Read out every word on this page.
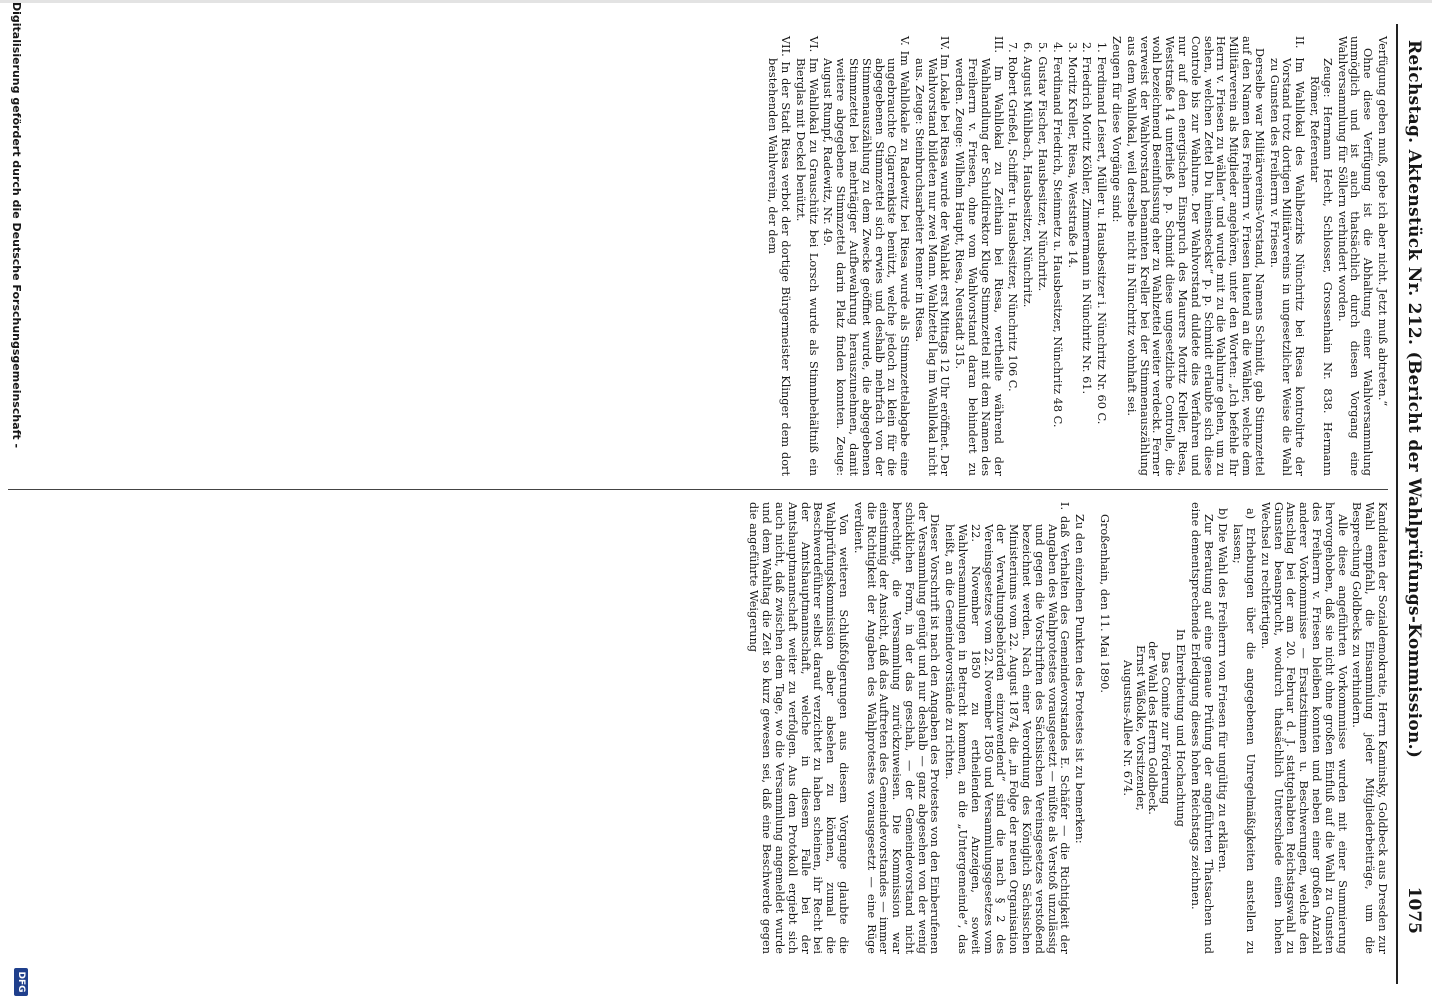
Reichstag. Aktenstück Nr. 212. (Bericht der Wahlprüfungs-Kommission.)
1075
Verfügung geben muß, gebe ich aber nicht. Jetzt muß abtreten.“
Ohne diese Verfügung ist die Abhaltung einer Wahlversammlung unmöglich und ist auch thatsächlich durch diesen Vorgang eine Wahlversammlung für Söllern verhindert worden.
Zeuge: Hermann Hecht, Schlosser, Grossenhain Nr. 838. Hermann Römer, Referentar
II. Im Wahllokal des Wahlbezirks Nünchritz bei Riesa kontrolirte der Vorstand trotz dortigen Militärvereins in ungesetzlicher Weise die Wahl zu Gunsten des Freiherrn v. Friesen.
Derselbe war Militärvereins-Vorstand, Namens Schmidt, gab Stimmzettel auf den Namen des Freiherrn v. Friesen lautend an die Wähler, welche dem Militärverein als Mitglieder angehören, unter den Worten: „Ich befehle Ihr Herrn v. Friesen zu wählen“ und wurde mit zu die Wahlurne gehen, um zu sehen, welchen Zettel Du hineinsteckst“ p. p. Schmidt erlaubte sich diese Controle bis zur Wahlurne. Der Wahlvorstand duldete dies Verfahren und nur auf den energischen Einspruch des Maurers Moritz Kreller, Riesa, Weststraße 14 unterließ p. p. Schmidt diese ungesetzliche Controlle, die wohl bezeichnend Beeinflussung eher zu Wahlzettel weiter verdeckt. Ferner verweist der Wahlvorstand benannten Kreller bei der Stimmenauszählung aus dem Wahllokal, weil derselbe nicht in Nünchritz wohnhaft sei.
Zeugen für diese Vorgänge sind:
1. Ferdinand Leisert, Müller u. Hausbesitzer i. Nünchritz Nr. 60 C.
2. Friedrich Moritz Köhler, Zimmermann in Nünchritz Nr. 61.
3. Moritz Kreller, Riesa, Weststraße 14.
4. Ferdinand Friedrich, Steinmetz u. Hausbesitzer, Nünchritz 48 C.
5. Gustav Fischer, Hausbesitzer, Nünchritz.
6. August Mühlbach, Hausbesitzer, Nünchritz.
7. Robert Grießel, Schiffer u. Hausbesitzer, Nünchritz 106 C.
III. Im Wahllokal zu Zeithain bei Riesa, vertheilte während der Wahlhandlung der Schuldirektor Kluge Stimmzettel mit dem Namen des Freiherrn v. Friesen, ohne vom Wahlvorstand daran behindert zu werden. Zeuge: Wilhelm Hauptt, Riesa, Neustadt 315.
IV. Im Lokale bei Riesa wurde der Wahlakt erst Mittags 12 Uhr eröffnet. Der Wahlvorstand bildeten nur zwei Mann. Wahlzettel lag im Wahllokal nicht aus. Zeuge: Steinbruchsarbeiter Renner in Riesa.
V. Im Wahllokale zu Radewitz bei Riesa wurde als Stimmzettelabgabe eine ungebrauchte Cigarrenkiste benützt, welche jedoch zu klein für die abgegebenen Stimmzettel sich erwies und deshalb mehrfach von der Stimmenauszählung zu dem Zwecke geöffnet wurde, die abgegebenen Stimmzettel bei mehrtägiger Aufbewahrung herauszunehmen, damit weitere abgegebene Stimmzettel darin Platz finden konnten. Zeuge: August Rumpf, Radewitz, Nr. 49.
VI. Im Wahllokal zu Grauschütz bei Lorsch wurde als Stimmbehältniß ein Bierglas mit Deckel benützt.
VII. In der Stadt Riesa verbot der dortige Bürgermeister Klinger dem dort bestehenden Wahlverein, der dem
Kandidaten der Sozialdemokratie, Herrn Kaminsky, Goldbeck aus Dresden zur Wahl empfahl, die Einsammlung jeder Mitgliederbeiträge, um die Besprechung Goldbecks zu verhindern.
Alle diese angeführten Vorkommnisse wurden mit einer Summierung hervorgehoben, daß sie nicht ohne großen Einfluß auf die Wahl zu Gunsten des Freiherrn v. Friesen bleiben konnten und neben einer großen Anzahl anderer Vorkommnisse — Ersatzstimmen u. Beschwerungen, welche den Anschlag bei der am 20. Februar d. J. stattgehabten Reichstagswahl zu Gunsten beansprucht, wodurch thatsächlich Unterschiede einen hohen Wechsel zu rechtfertigen.
a) Erhebungen über die angegebenen Unregelmäßigkeiten anstellen zu lassen;
b) Die Wahl des Freiherrn von Friesen für ungültig zu erklären.
Zur Beratung auf eine genaue Prüfung der angeführten Thatsachen und eine dementsprechende Erledigung dieses hohen Reichstags zeichnen.
In Ehrerbietung und Hochachtung
Das Comite zur Förderung
der Wahl des Herrn Goldbeck.
Ernst Wäßolke, Vorsitzender,
Augustus-Allee Nr. 674.
Großenhain, den 11. Mai 1890.
Zu den einzelnen Punkten des Protestes ist zu bemerken:
I. daß Verhalten des Gemeindevorstandes E. Schäfer — die Richtigkeit der Angaben des Wahlprotestes vorausgesetzt — müßte als Verstoß unzulässig und gegen die Vorschriften des Sächsischen Vereinsgesetzes verstoßend bezeichnet werden. Nach einer Verordnung des Königlich Sächsischen Ministeriums vom 22. August 1874, die „in Folge der neuen Organisation der Verwaltungsbehörden einzuwendend“ sind die nach § 2 des Vereinsgesetzes vom 22. November 1850 und Versammlungsgesetzes vom 22. November 1850 zu ertheilenden Anzeigen, soweit Wahlversammlungen in Betracht kommen, an die „Untergemeinde“, das heißt, an die Gemeindevorstände zu richten.
Dieser Vorschrift ist nach den Angaben des Protestes von den Einberufenen der Versammlung genügt und nur deshalb — ganz abgesehen von der wenig schicklichen Form, in der das geschah, — der Gemeindevorstand nicht berechtigt, die Versammlung zurückzuweisen. Die Kommission war einstimmig der Ansicht, daß das Auftreten des Gemeindevorstandes — immer die Richtigkeit der Angaben des Wahlprotestes vorausgesetzt — eine Rüge verdient.
Von weiteren Schlußfolgerungen aus diesem Vorgange glaubte die Wahlprüfungskommission aber absehen zu können, zumal die Beschwerdeführer selbst darauf verzichtet zu haben scheinen, ihr Recht bei der Amtshauptmannschaft, welche in diesem Falle bei der Amtshauptmannschaft weiter zu verfolgen. Aus dem Protokoll ergiebt sich auch nicht, daß zwischen dem Tage, wo die Versammlung angemeldet wurde und dem Wahltag die Zeit so kurz gewesen sei, daß eine Beschwerde gegen die angeführte Weigerung
Digitalisierung gefördert durch die Deutsche Forschungsgemeinschaft -
DFG
